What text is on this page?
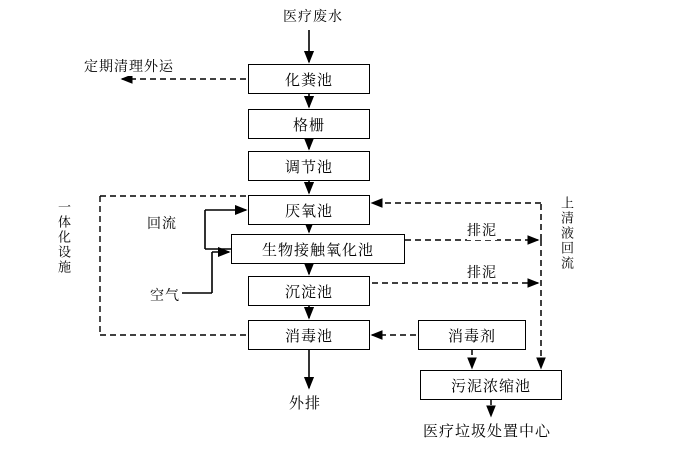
医疗废水
化粪池
格栅
调节池
厌氧池
生物接触氧化池
沉淀池
消毒池	消毒剂
污泥浓缩池
定期清理外运
回流
空气
排泥
排泥
一体化设施	上清液回流
外排
医疗垃圾处置中心
